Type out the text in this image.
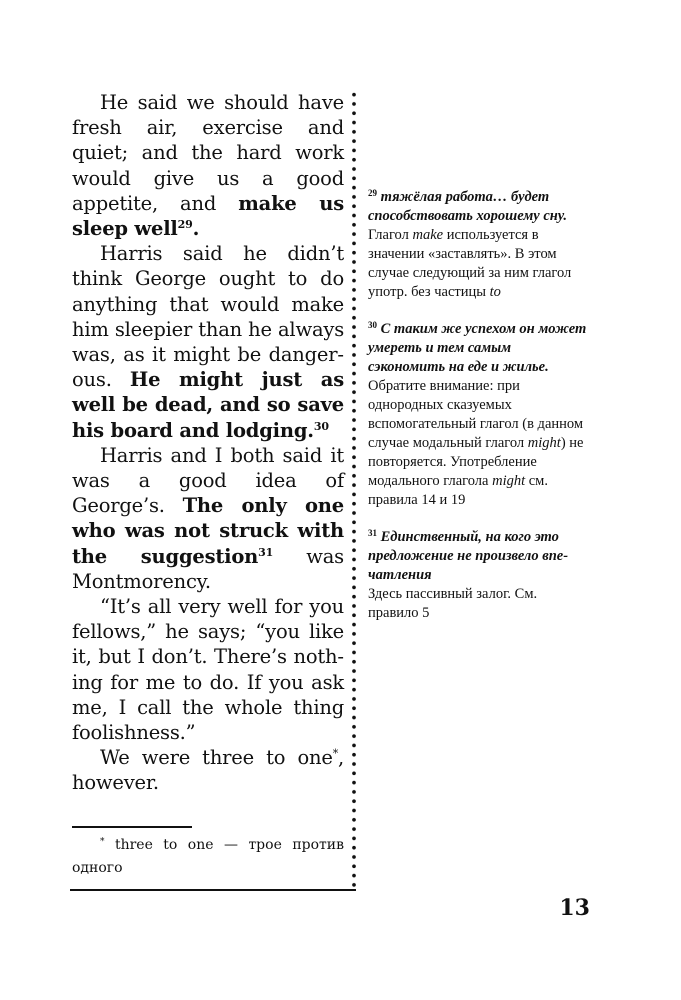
He said we should have fresh air, exercise and quiet; and the hard work would give us a good appetite, and make us sleep well$^{29}$.

Harris said he didn’t think George ought to do anything that would make him sleepier than he always was, as it might be dangerous. He might just as well be dead, and so save his board and lodging.$^{30}$

Harris and I both said it was a good idea of George’s. The only one who was not struck with the suggestion$^{31}$ was Montmorency.

“It’s all very well for you fellows,” he says; “you like it, but I don’t. There’s nothing for me to do. If you ask me, I call the whole thing foolishness.”

We were three to one*, however.

$^{29}$ тяжёлая работа… будет способствовать хорошему сну.
Глагол make используется в значении «заставлять». В этом случае следующий за ним глагол употр. без частицы to
$^{30}$ С таким же успехом он может умереть и тем самым сэкономить на еде и жилье.
Обратите внимание: при однородных сказуемых вспомогательный глагол (в данном случае модальный глагол might) не повторяется. Употребление модального глагола might см. правила 14 и 19
$^{31}$ Единственный, на кого это предложение не произвело впечатления
Здесь пассивный залог. См. правило 5
* three to one — трое против
одного
13
